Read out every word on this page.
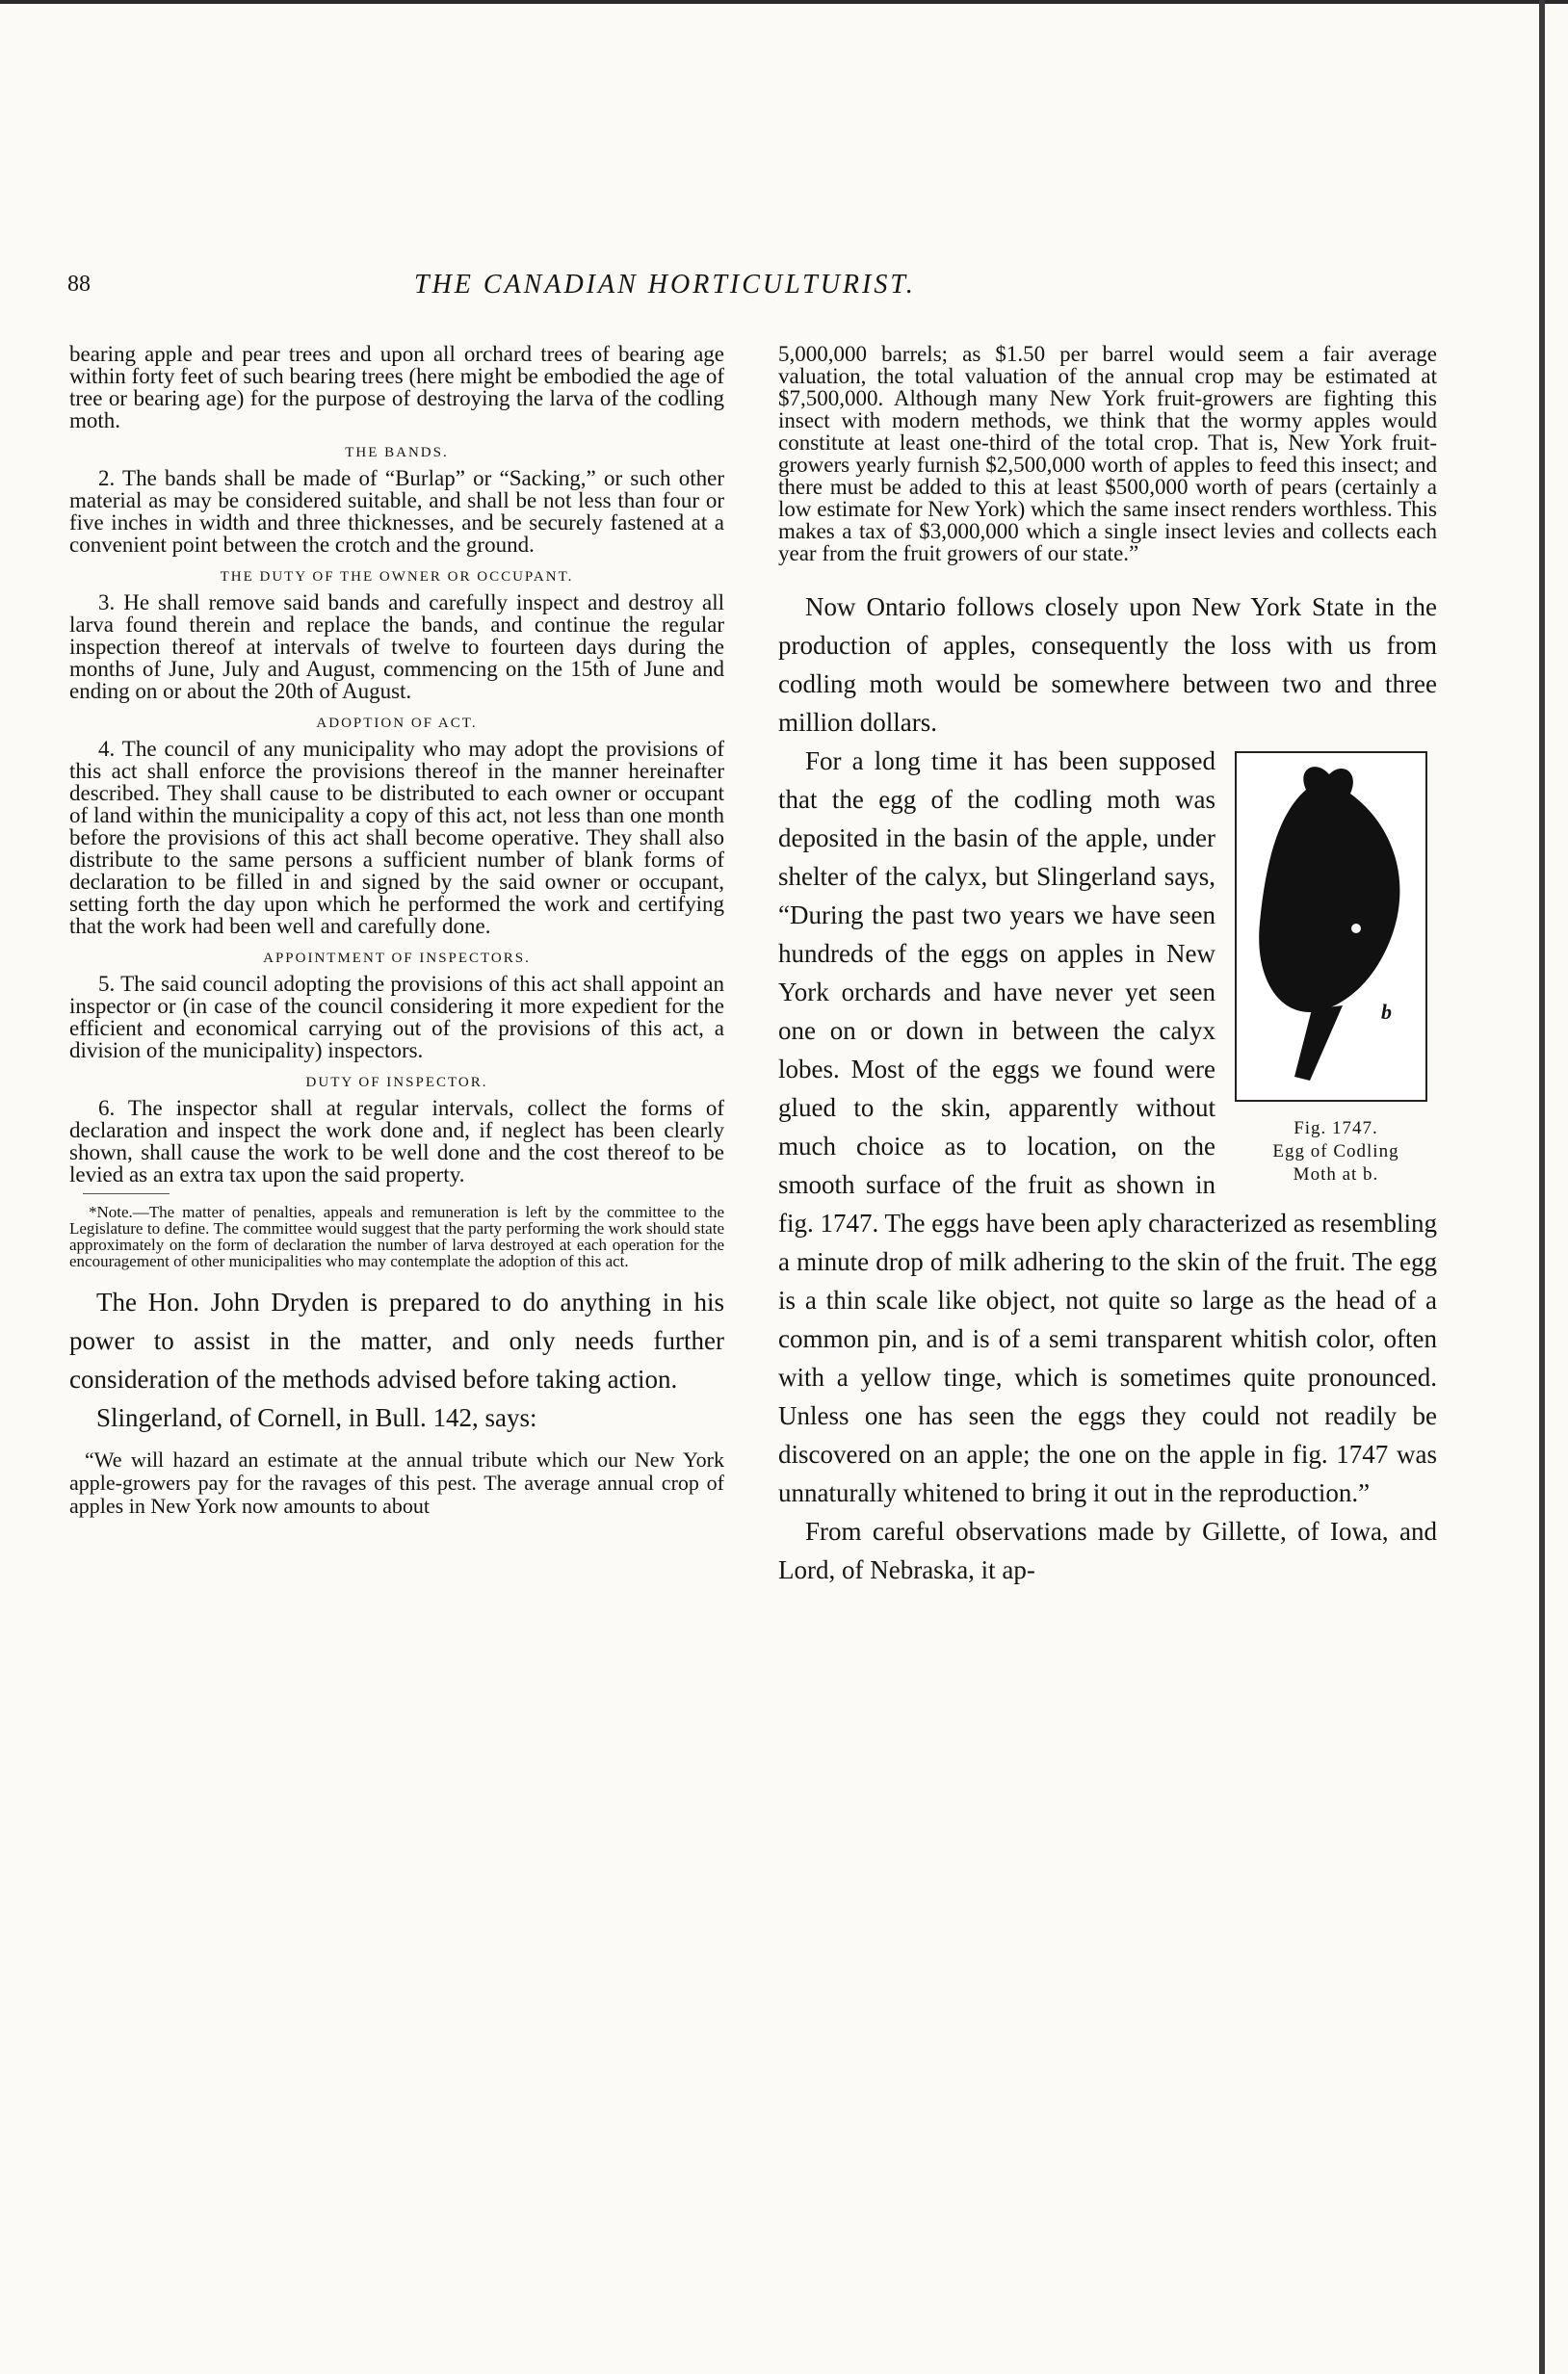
88	THE CANADIAN HORTICULTURIST.

bearing apple and pear trees and upon all orchard trees of bearing age within forty feet of such bearing trees (here might be embodied the age of tree or bearing age) for the purpose of destroying the larva of the codling moth.

THE BANDS.

2. The bands shall be made of “Burlap” or “Sacking,” or such other material as may be considered suitable, and shall be not less than four or five inches in width and three thicknesses, and be securely fastened at a convenient point between the crotch and the ground.

THE DUTY OF THE OWNER OR OCCUPANT.

3. He shall remove said bands and carefully inspect and destroy all larva found therein and replace the bands, and continue the regular inspection thereof at intervals of twelve to fourteen days during the months of June, July and August, commencing on the 15th of June and ending on or about the 20th of August.

ADOPTION OF ACT.

4. The council of any municipality who may adopt the provisions of this act shall enforce the provisions thereof in the manner hereinafter described. They shall cause to be distributed to each owner or occupant of land within the municipality a copy of this act, not less than one month before the provisions of this act shall become operative. They shall also distribute to the same persons a sufficient number of blank forms of declaration to be filled in and signed by the said owner or occupant, setting forth the day upon which he performed the work and certifying that the work had been well and carefully done.

APPOINTMENT OF INSPECTORS.

5. The said council adopting the provisions of this act shall appoint an inspector or (in case of the council considering it more expedient for the efficient and economical carrying out of the provisions of this act, a division of the municipality) inspectors.

DUTY OF INSPECTOR.

6. The inspector shall at regular intervals, collect the forms of declaration and inspect the work done and, if neglect has been clearly shown, shall cause the work to be well done and the cost thereof to be levied as an extra tax upon the said property.

*Note.—The matter of penalties, appeals and remuneration is left by the committee to the Legislature to define. The committee would suggest that the party performing the work should state approximately on the form of declaration the number of larva destroyed at each operation for the encouragement of other municipalities who may contemplate the adoption of this act.

The Hon. John Dryden is prepared to do anything in his power to assist in the matter, and only needs further consideration of the methods advised before taking action.

Slingerland, of Cornell, in Bull. 142, says:

“We will hazard an estimate at the annual tribute which our New York apple-growers pay for the ravages of this pest. The average annual crop of apples in New York now amounts to about

5,000,000 barrels; as $1.50 per barrel would seem a fair average valuation, the total valuation of the annual crop may be estimated at $7,500,000. Although many New York fruit-growers are fighting this insect with modern methods, we think that the wormy apples would constitute at least one-third of the total crop. That is, New York fruit-growers yearly furnish $2,500,000 worth of apples to feed this insect; and there must be added to this at least $500,000 worth of pears (certainly a low estimate for New York) which the same insect renders worthless. This makes a tax of $3,000,000 which a single insect levies and collects each year from the fruit growers of our state.”

Now Ontario follows closely upon New York State in the production of apples, consequently the loss with us from codling moth would be somewhere between two and three million dollars.

b
Fig. 1747.
Egg of Codling
Moth at b.

For a long time it has been supposed that the egg of the codling moth was deposited in the basin of the apple, under shelter of the calyx, but Slingerland says, “During the past two years we have seen hundreds of the eggs on apples in New York orchards and have never yet seen one on or down in between the calyx lobes. Most of the eggs we found were glued to the skin, apparently without much choice as to location, on the smooth surface of the fruit as shown in fig. 1747. The eggs have been aply characterized as resembling a minute drop of milk adhering to the skin of the fruit. The egg is a thin scale like object, not quite so large as the head of a common pin, and is of a semi transparent whitish color, often with a yellow tinge, which is sometimes quite pronounced. Unless one has seen the eggs they could not readily be discovered on an apple; the one on the apple in fig. 1747 was unnaturally whitened to bring it out in the reproduction.”

From careful observations made by Gillette, of Iowa, and Lord, of Nebraska, it ap-
